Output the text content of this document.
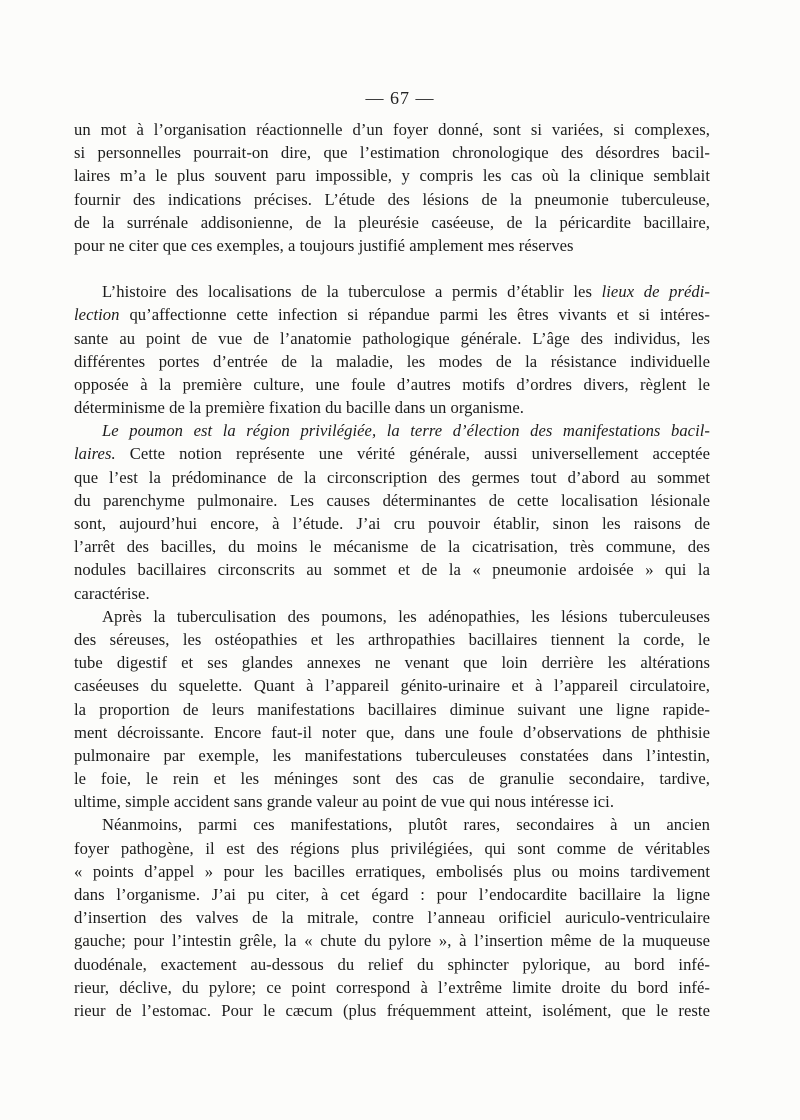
— 67 —
un mot à l’organisation réactionnelle d’un foyer donné, sont si variées, si complexes,
si personnelles pourrait-on dire, que l’estimation chronologique des désordres bacil-
laires m’a le plus souvent paru impossible, y compris les cas où la clinique semblait
fournir des indications précises. L’étude des lésions de la pneumonie tuberculeuse,
de la surrénale addisonienne, de la pleurésie caséeuse, de la péricardite bacillaire,
pour ne citer que ces exemples, a toujours justifié amplement mes réserves
L’histoire des localisations de la tuberculose a permis d’établir les lieux de prédi-
lection qu’affectionne cette infection si répandue parmi les êtres vivants et si intéres-
sante au point de vue de l’anatomie pathologique générale. L’âge des individus, les
différentes portes d’entrée de la maladie, les modes de la résistance individuelle
opposée à la première culture, une foule d’autres motifs d’ordres divers, règlent le
déterminisme de la première fixation du bacille dans un organisme.
Le poumon est la région privilégiée, la terre d’élection des manifestations bacil-
laires. Cette notion représente une vérité générale, aussi universellement acceptée
que l’est la prédominance de la circonscription des germes tout d’abord au sommet
du parenchyme pulmonaire. Les causes déterminantes de cette localisation lésionale
sont, aujourd’hui encore, à l’étude. J’ai cru pouvoir établir, sinon les raisons de
l’arrêt des bacilles, du moins le mécanisme de la cicatrisation, très commune, des
nodules bacillaires circonscrits au sommet et de la « pneumonie ardoisée » qui la
caractérise.
Après la tuberculisation des poumons, les adénopathies, les lésions tuberculeuses
des séreuses, les ostéopathies et les arthropathies bacillaires tiennent la corde, le
tube digestif et ses glandes annexes ne venant que loin derrière les altérations
caséeuses du squelette. Quant à l’appareil génito-urinaire et à l’appareil circulatoire,
la proportion de leurs manifestations bacillaires diminue suivant une ligne rapide-
ment décroissante. Encore faut-il noter que, dans une foule d’observations de phthisie
pulmonaire par exemple, les manifestations tuberculeuses constatées dans l’intestin,
le foie, le rein et les méninges sont des cas de granulie secondaire, tardive,
ultime, simple accident sans grande valeur au point de vue qui nous intéresse ici.
Néanmoins, parmi ces manifestations, plutôt rares, secondaires à un ancien
foyer pathogène, il est des régions plus privilégiées, qui sont comme de véritables
« points d’appel » pour les bacilles erratiques, embolisés plus ou moins tardivement
dans l’organisme. J’ai pu citer, à cet égard : pour l’endocardite bacillaire la ligne
d’insertion des valves de la mitrale, contre l’anneau orificiel auriculo-ventriculaire
gauche; pour l’intestin grêle, la « chute du pylore », à l’insertion même de la muqueuse
duodénale, exactement au-dessous du relief du sphincter pylorique, au bord infé-
rieur, déclive, du pylore; ce point correspond à l’extrême limite droite du bord infé-
rieur de l’estomac. Pour le cæcum (plus fréquemment atteint, isolément, que le reste
